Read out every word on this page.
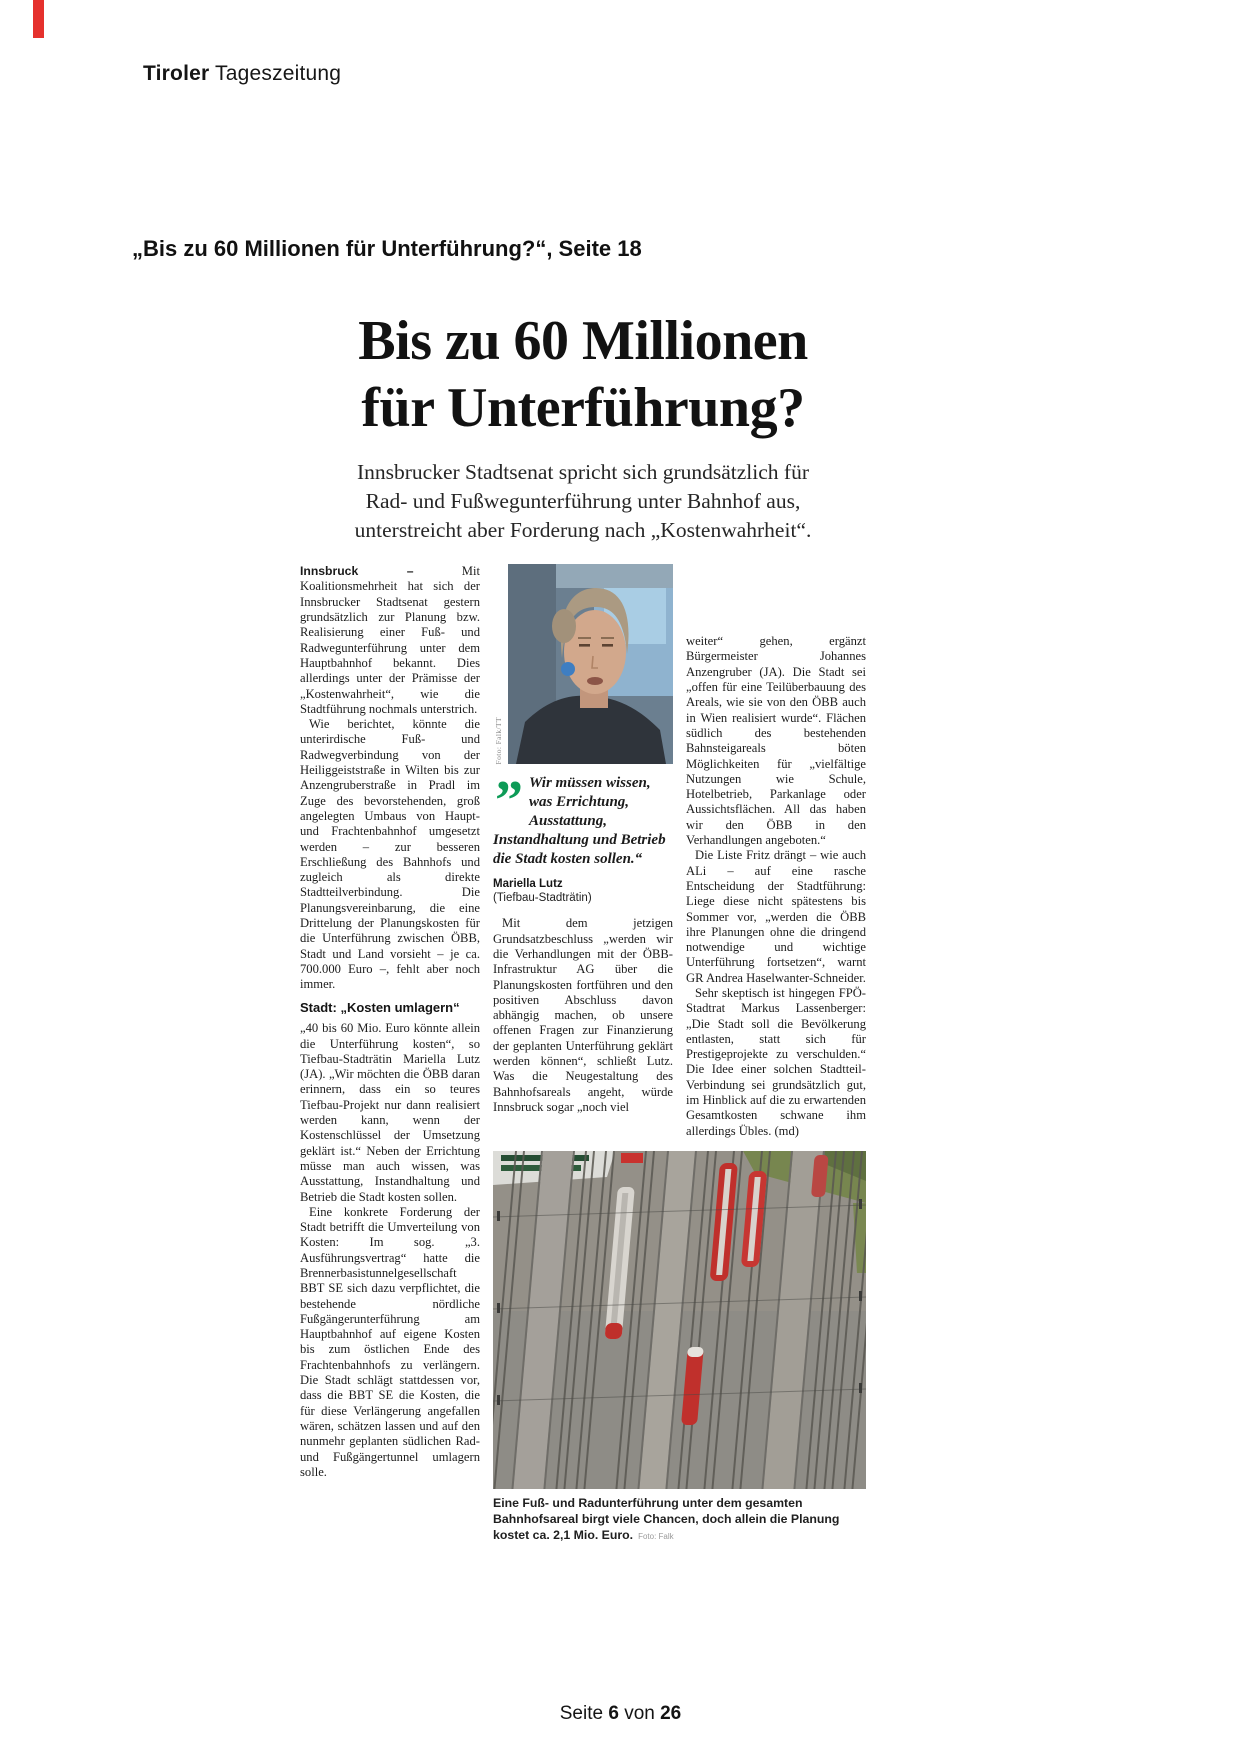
Tiroler Tageszeitung
„Bis zu 60 Millionen für Unterführung?“, Seite 18
Bis zu 60 Millionen
für Unterführung?

Innsbrucker Stadtsenat spricht sich grundsätzlich für Rad- und Fußwegunterführung unter Bahnhof aus, unterstreicht aber Forderung nach „Kostenwahrheit“.

Innsbruck –	Mit Koalitionsmehrheit hat sich der Innsbrucker Stadtsenat gestern grundsätzlich zur Planung bzw. Realisierung einer Fuß- und Radwegunterführung unter dem Hauptbahnhof bekannt. Dies allerdings unter der Prämisse der „Kostenwahrheit“, wie die Stadtführung nochmals unterstrich.

Wie berichtet, könnte die unterirdische Fuß- und Radwegverbindung von der Heiliggeiststraße in Wilten bis zur Anzengruberstraße in Pradl im Zuge des bevorstehenden, groß angelegten Umbaus von Haupt- und Frachtenbahnhof umgesetzt werden – zur besseren Erschließung des Bahnhofs und zugleich als direkte Stadtteilverbindung. Die Planungsvereinbarung, die eine Drittelung der Planungskosten für die Unterführung zwischen ÖBB, Stadt und Land vorsieht – je ca. 700.000 Euro –, fehlt aber noch immer.

Stadt: „Kosten umlagern“

„40 bis 60 Mio. Euro könnte allein die Unterführung kosten“, so Tiefbau-Stadträtin Mariella Lutz (JA). „Wir möchten die ÖBB daran erinnern, dass ein so teures Tiefbau-Projekt nur dann realisiert werden kann, wenn der Kostenschlüssel der Umsetzung geklärt ist.“ Neben der Errichtung müsse man auch wissen, was Ausstattung, Instandhaltung und Betrieb die Stadt kosten sollen.

Eine konkrete Forderung der Stadt betrifft die Umverteilung von Kosten: Im sog. „3. Ausführungsvertrag“ hatte die Brennerbasistunnelgesellschaft BBT SE sich dazu verpflichtet, die bestehende nördliche Fußgängerunterführung am Hauptbahnhof auf eigene Kosten bis zum östlichen Ende des Frachtenbahnhofs zu verlängern. Die Stadt schlägt stattdessen vor, dass die BBT SE die Kosten, die für diese Verlängerung angefallen wären, schätzen lassen und auf den nunmehr geplanten südlichen Rad- und Fußgängertunnel umlagern solle.

Foto: Falk/TT
” Wir müssen wissen, was Errichtung, Ausstattung, Instandhaltung und Betrieb die Stadt kosten sollen.“
Mariella Lutz
(Tiefbau-Stadträtin)

Mit dem jetzigen Grundsatzbeschluss „werden wir die Verhandlungen mit der ÖBB-Infrastruktur AG über die Planungskosten fortführen und den positiven Abschluss davon abhängig machen, ob unsere offenen Fragen zur Finanzierung der geplanten Unterführung geklärt werden können“, schließt Lutz. Was die Neugestaltung des Bahnhofsareals angeht, würde Innsbruck sogar „noch viel

weiter“ gehen, ergänzt Bürgermeister Johannes Anzengruber (JA). Die Stadt sei „offen für eine Teilüberbauung des Areals, wie sie von den ÖBB auch in Wien realisiert wurde“. Flächen südlich des bestehenden Bahnsteigareals böten Möglichkeiten für „vielfältige Nutzungen wie Schule, Hotelbetrieb, Parkanlage oder Aussichtsflächen. All das haben wir den ÖBB in den Verhandlungen angeboten.“

Die Liste Fritz drängt – wie auch ALi – auf eine rasche Entscheidung der Stadtführung: Liege diese nicht spätestens bis Sommer vor, „werden die ÖBB ihre Planungen ohne die dringend notwendige und wichtige Unterführung fortsetzen“, warnt GR Andrea Haselwanter-Schneider.

Sehr skeptisch ist hingegen FPÖ-Stadtrat Markus Lassenberger: „Die Stadt soll die Bevölkerung entlasten, statt sich für Prestigeprojekte zu verschulden.“ Die Idee einer solchen Stadtteil-Verbindung sei grundsätzlich gut, im Hinblick auf die zu erwartenden Gesamtkosten schwane ihm allerdings Übles. (md)

Eine Fuß- und Radunterführung unter dem gesamten Bahnhofsareal birgt viele Chancen, doch allein die Planung kostet ca. 2,1 Mio. Euro. Foto: Falk

Seite 6 von 26
